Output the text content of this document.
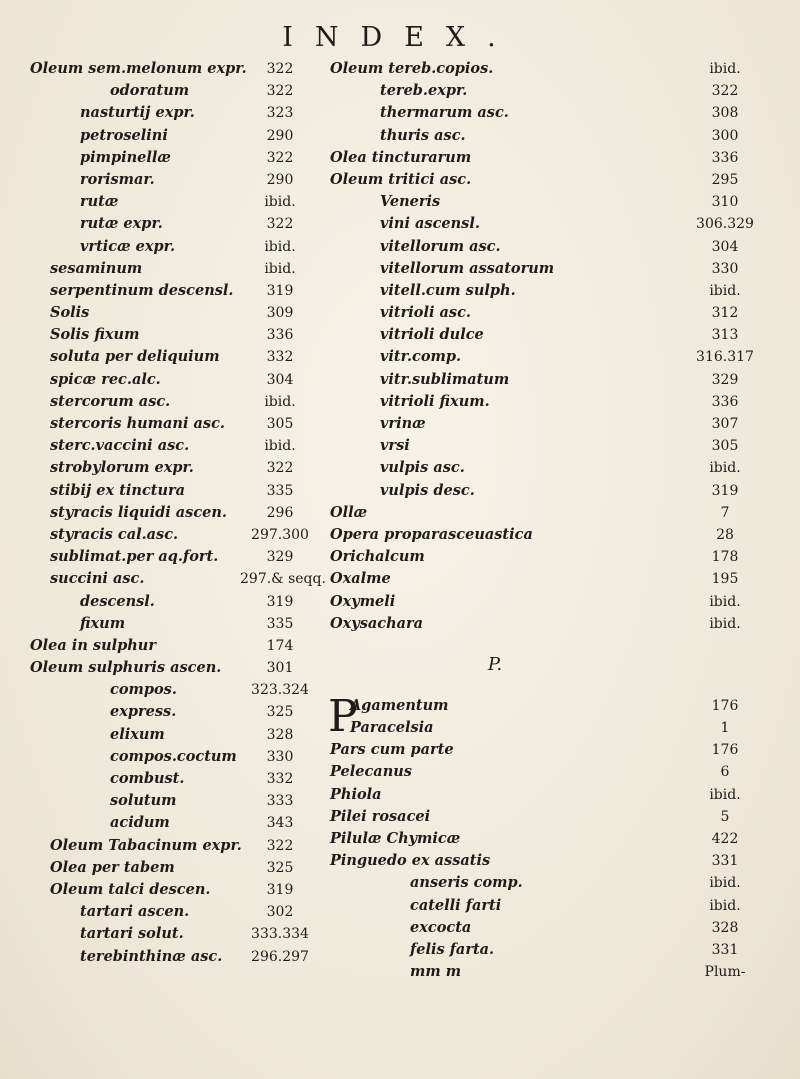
INDEX.
Oleum sem.melonum expr.	322
odoratum	322
nasturtij expr.	323
petroselini	290
pimpinellæ	322
rorismar.	290
rutæ	ibid.
rutæ expr.	322
vrticæ expr.	ibid.
sesaminum	ibid.
serpentinum descensl.	319
Solis	309
Solis fixum	336
soluta per deliquium	332
spicæ rec.alc.	304
stercorum asc.	ibid.
stercoris humani asc.	305
sterc.vaccini asc.	ibid.
strobylorum expr.	322
stibij ex tinctura	335
styracis liquidi ascen.	296
styracis cal.asc.	297.300
sublimat.per aq.fort.	329
succini asc.	297.& seqq.
descensl.	319
fixum	335
Olea in sulphur	174
Oleum sulphuris ascen.	301
compos.	323.324
express.	325
elixum	328
compos.coctum	330
combust.	332
solutum	333
acidum	343
Oleum Tabacinum expr.	322
Olea per tabem	325
Oleum talci descen.	319
tartari ascen.	302
tartari solut.	333.334
terebinthinæ asc.	296.297
Oleum tereb.copios.	ibid.
tereb.expr.	322
thermarum asc.	308
thuris asc.	300
Olea tincturarum	336
Oleum tritici asc.	295
Veneris	310
vini ascensl.	306.329
vitellorum asc.	304
vitellorum assatorum	330
vitell.cum sulph.	ibid.
vitrioli asc.	312
vitrioli dulce	313
vitr.comp.	316.317
vitr.sublimatum	329
vitrioli fixum.	336
vrinæ	307
vrsi	305
vulpis asc.	ibid.
vulpis desc.	319
Ollæ	7
Opera proparasceuastica	28
Orichalcum	178
Oxalme	195
Oxymeli	ibid.
Oxysachara	ibid.
P.
Agamentum	176
P
Paracelsia	1
Pars cum parte	176
Pelecanus	6
Phiola	ibid.
Pilei rosacei	5
Pilulæ Chymicæ	422
Pinguedo ex assatis	331
anseris comp.	ibid.
catelli farti	ibid.
excocta	328
felis farta.	331
mm m	Plum-
